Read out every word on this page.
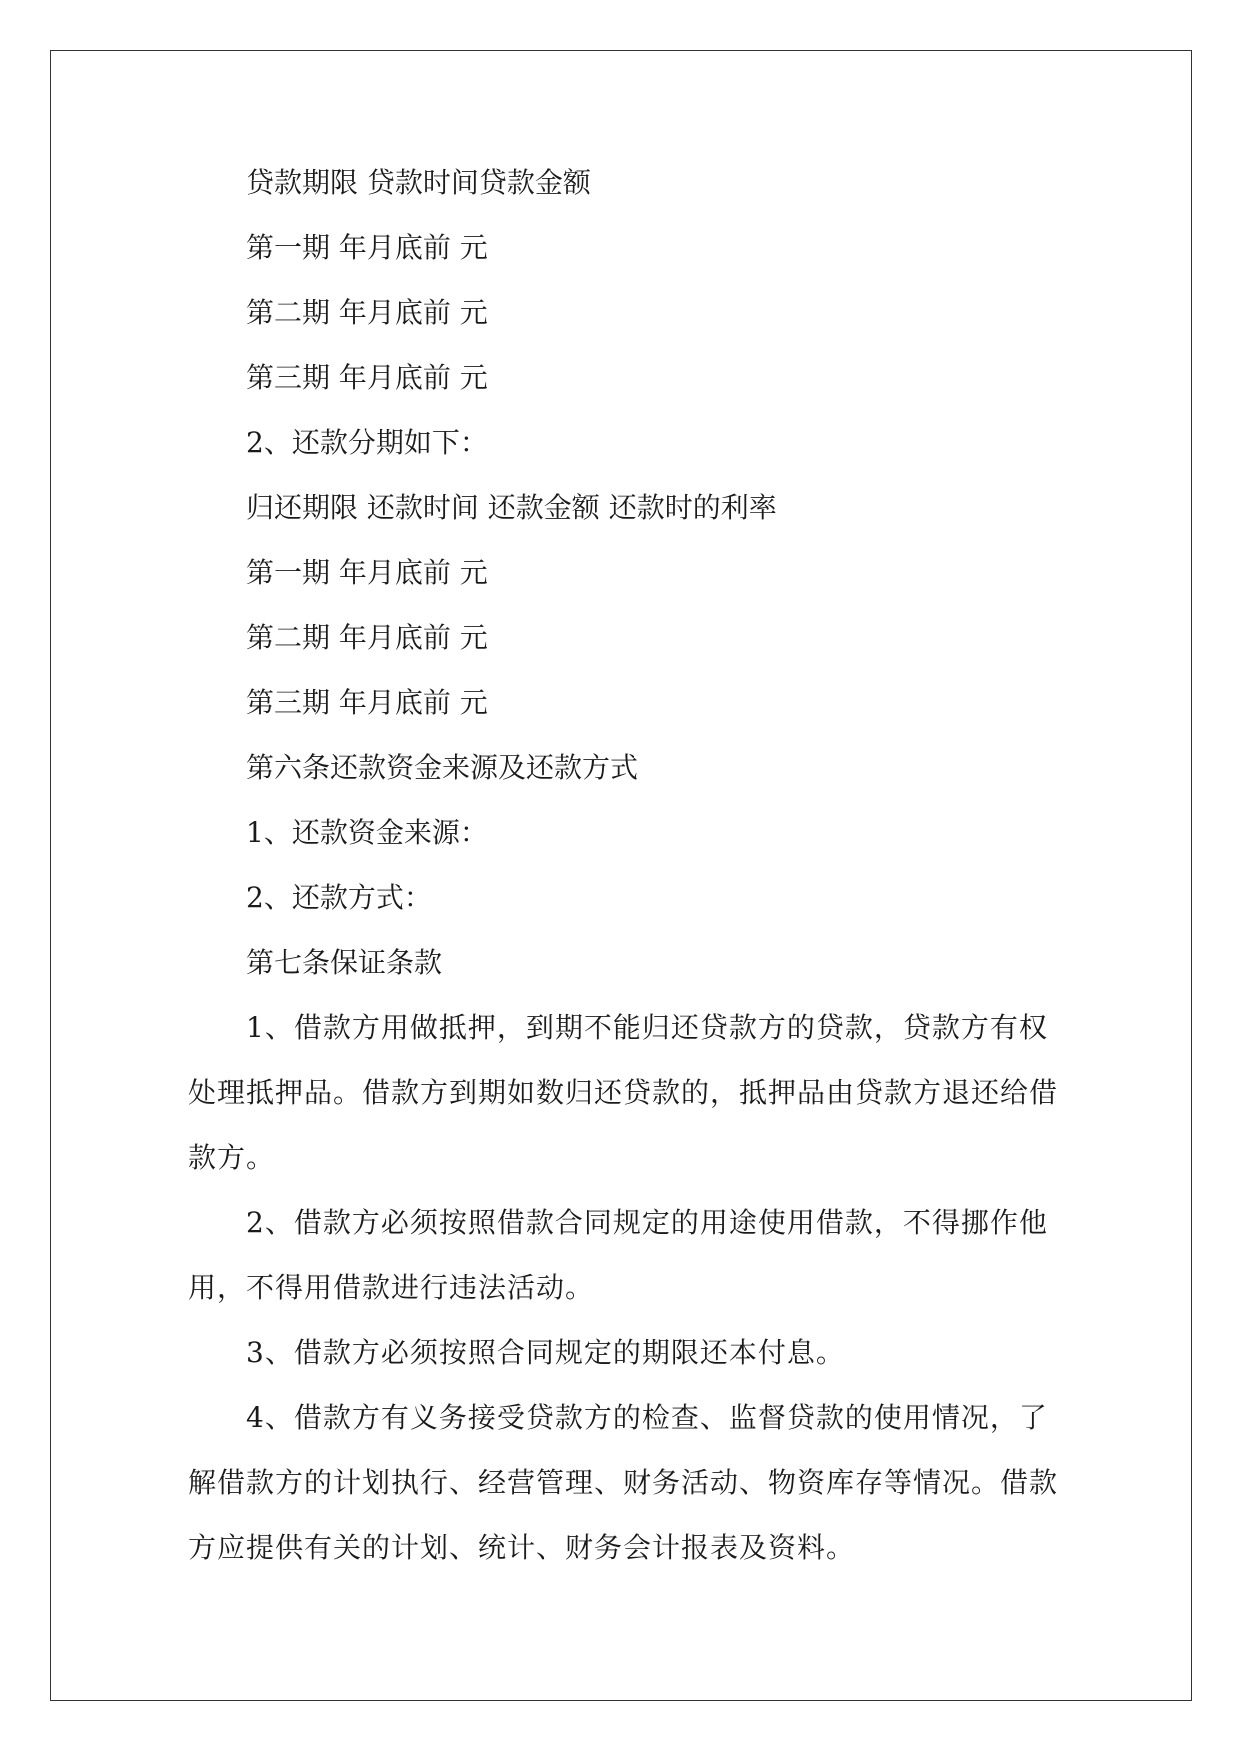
贷款期限 贷款时间贷款金额

第一期 年月底前 元

第二期 年月底前 元

第三期 年月底前 元

2、还款分期如下：

归还期限 还款时间 还款金额 还款时的利率

第一期 年月底前 元

第二期 年月底前 元

第三期 年月底前 元

第六条还款资金来源及还款方式

1、还款资金来源：

2、还款方式：

第七条保证条款

1、借款方用做抵押，到期不能归还贷款方的贷款，贷款方有权处理抵押品。借款方到期如数归还贷款的，抵押品由贷款方退还给借款方。

2、借款方必须按照借款合同规定的用途使用借款，不得挪作他用，不得用借款进行违法活动。

3、借款方必须按照合同规定的期限还本付息。

4、借款方有义务接受贷款方的检查、监督贷款的使用情况，了解借款方的计划执行、经营管理、财务活动、物资库存等情况。借款方应提供有关的计划、统计、财务会计报表及资料。
